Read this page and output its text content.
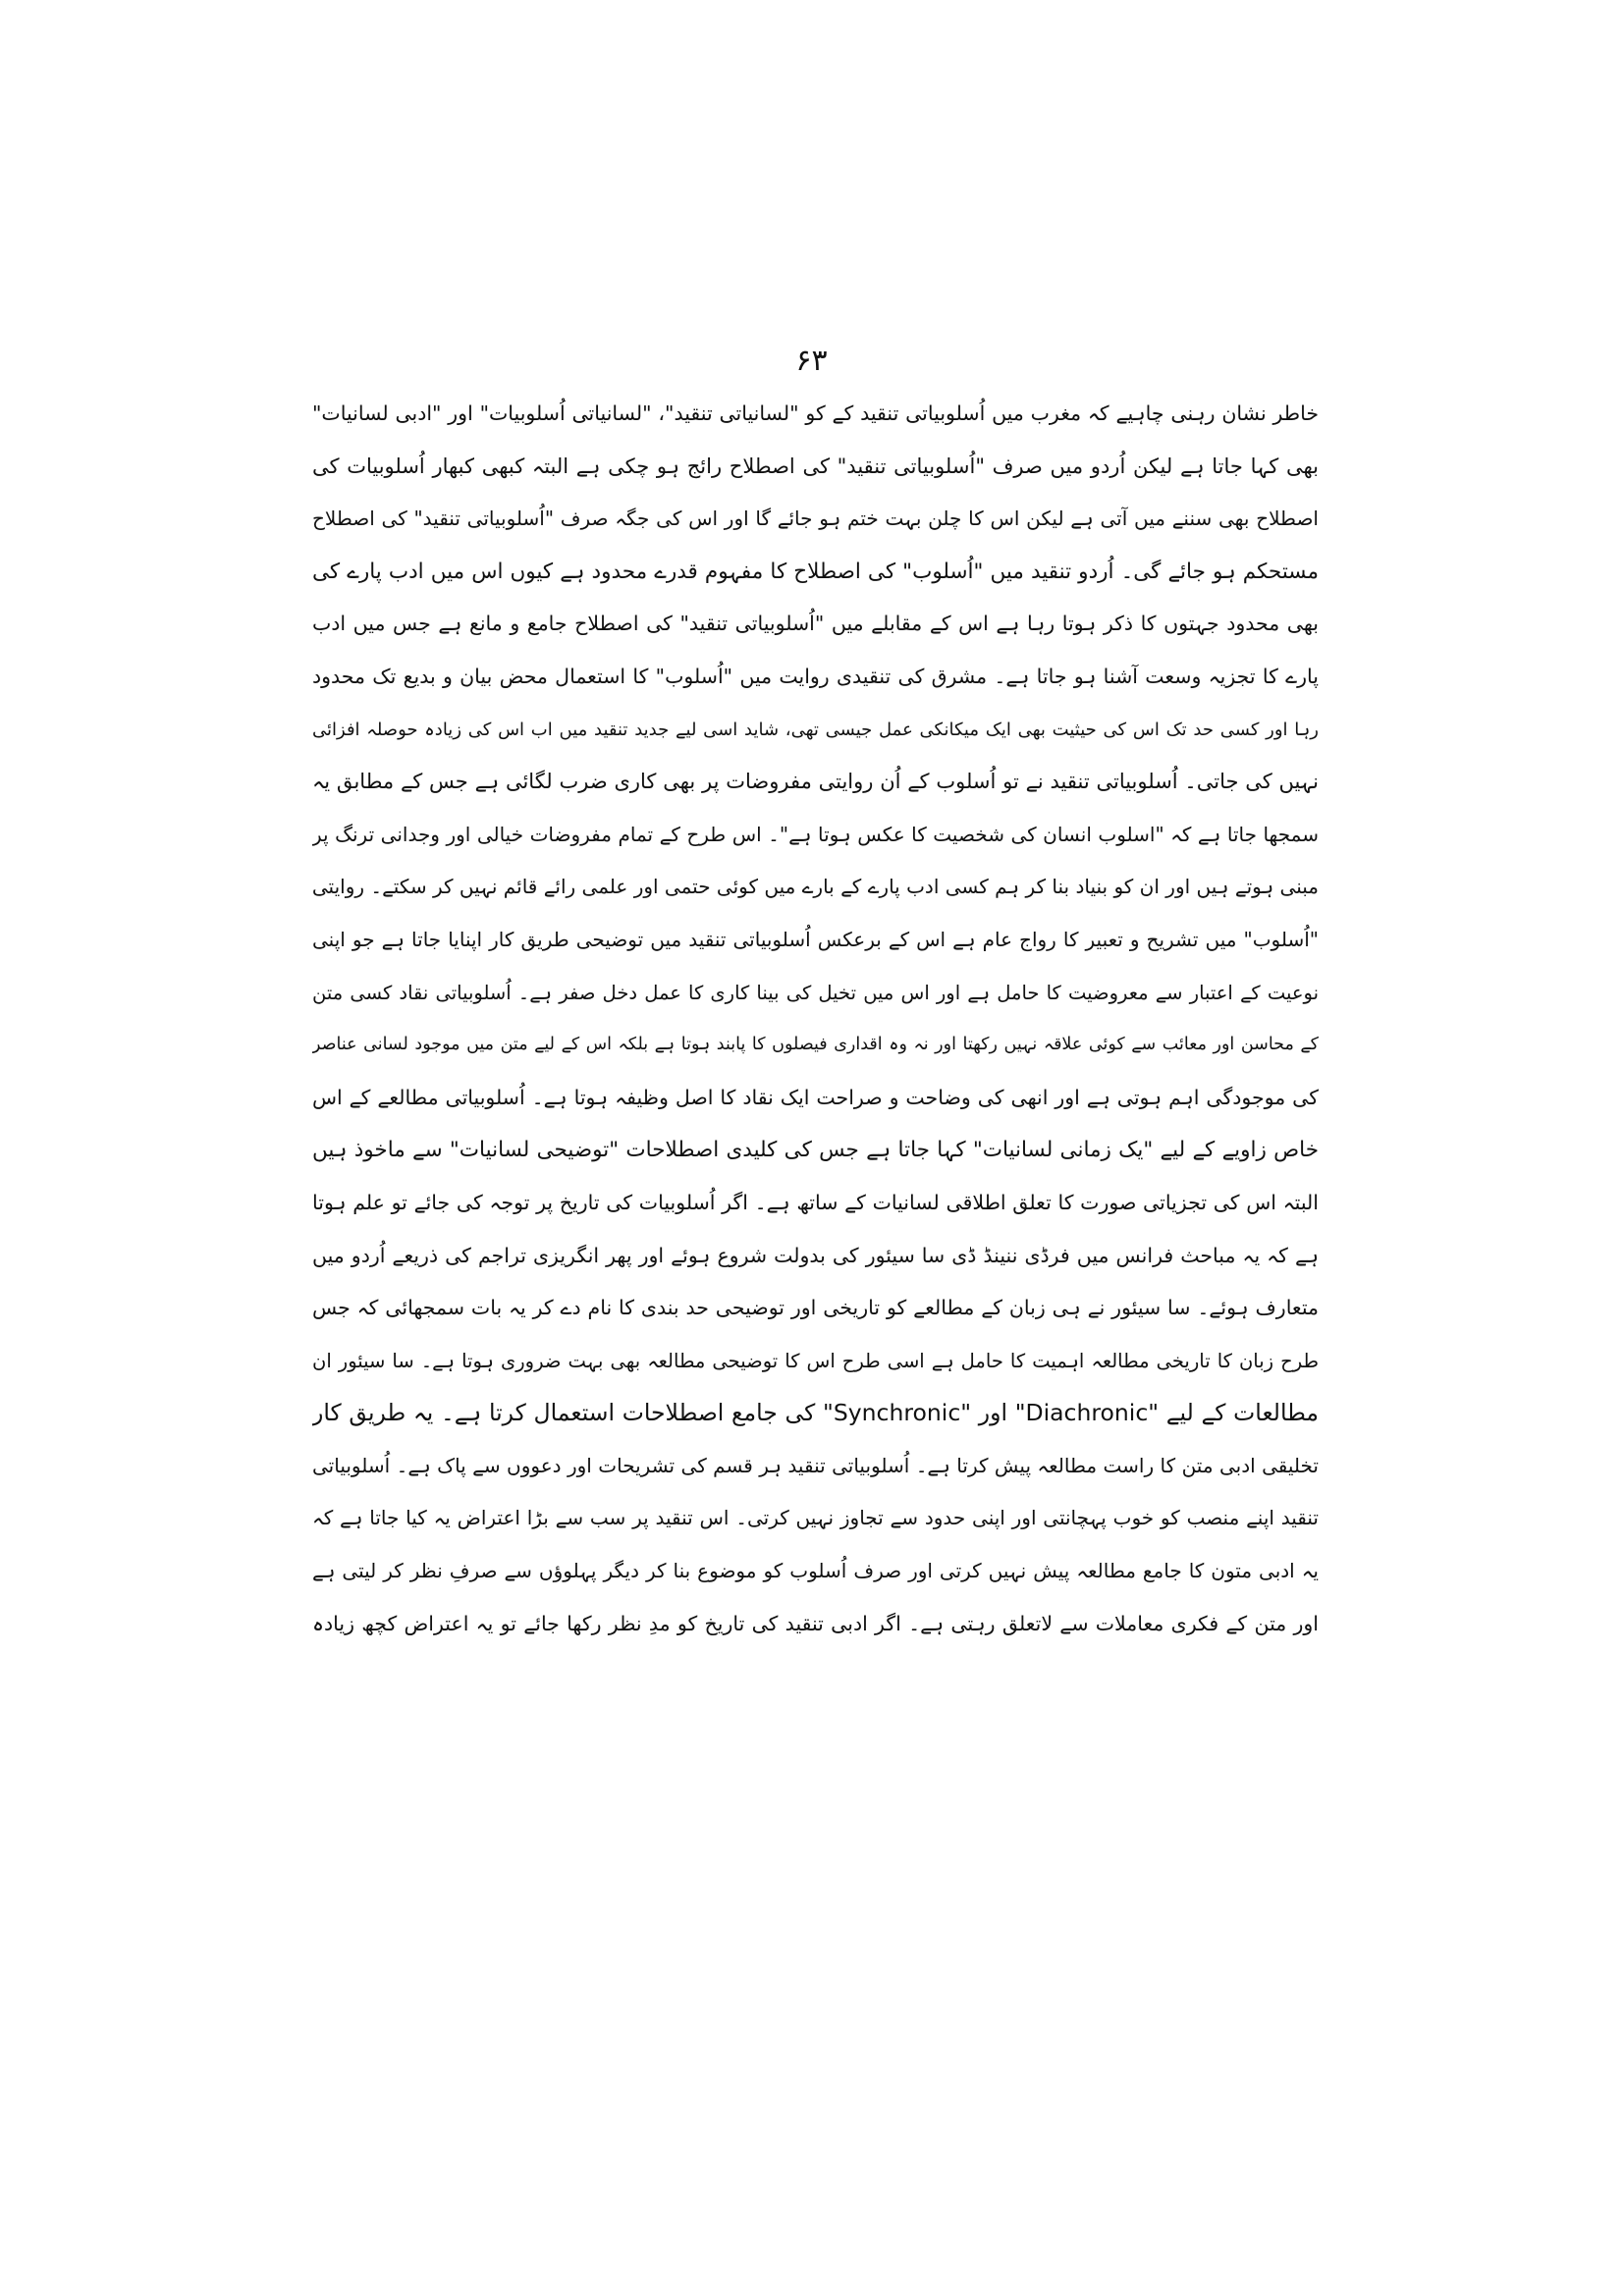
۶۳
خاطر نشان رہنی چاہیے کہ مغرب میں اُسلوبیاتی تنقید کے کو "لسانیاتی تنقید"، "لسانیاتی اُسلوبیات" اور "ادبی لسانیات"
بھی کہا جاتا ہے لیکن اُردو میں صرف "اُسلوبیاتی تنقید" کی اصطلاح رائج ہو چکی ہے البتہ کبھی کبھار اُسلوبیات کی
اصطلاح بھی سننے میں آتی ہے لیکن اس کا چلن بہت ختم ہو جائے گا اور اس کی جگہ صرف "اُسلوبیاتی تنقید" کی اصطلاح
مستحکم ہو جائے گی۔ اُردو تنقید میں "اُسلوب" کی اصطلاح کا مفہوم قدرے محدود ہے کیوں اس میں ادب پارے کی
بھی محدود جہتوں کا ذکر ہوتا رہا ہے اس کے مقابلے میں "اُسلوبیاتی تنقید" کی اصطلاح جامع و مانع ہے جس میں ادب
پارے کا تجزیہ وسعت آشنا ہو جاتا ہے۔ مشرق کی تنقیدی روایت میں "اُسلوب" کا استعمال محض بیان و بدیع تک محدود
رہا اور کسی حد تک اس کی حیثیت بھی ایک میکانکی عمل جیسی تھی، شاید اسی لیے جدید تنقید میں اب اس کی زیادہ حوصلہ افزائی
نہیں کی جاتی۔ اُسلوبیاتی تنقید نے تو اُسلوب کے اُن روایتی مفروضات پر بھی کاری ضرب لگائی ہے جس کے مطابق یہ
سمجھا جاتا ہے کہ "اسلوب انسان کی شخصیت کا عکس ہوتا ہے"۔ اس طرح کے تمام مفروضات خیالی اور وجدانی ترنگ پر
مبنی ہوتے ہیں اور ان کو بنیاد بنا کر ہم کسی ادب پارے کے بارے میں کوئی حتمی اور علمی رائے قائم نہیں کر سکتے۔ روایتی
"اُسلوب" میں تشریح و تعبیر کا رواج عام ہے اس کے برعکس اُسلوبیاتی تنقید میں توضیحی طریق کار اپنایا جاتا ہے جو اپنی
نوعیت کے اعتبار سے معروضیت کا حامل ہے اور اس میں تخیل کی بینا کاری کا عمل دخل صفر ہے۔ اُسلوبیاتی نقاد کسی متن
کے محاسن اور معائب سے کوئی علاقہ نہیں رکھتا اور نہ وہ اقداری فیصلوں کا پابند ہوتا ہے بلکہ اس کے لیے متن میں موجود لسانی عناصر
کی موجودگی اہم ہوتی ہے اور انھی کی وضاحت و صراحت ایک نقاد کا اصل وظیفہ ہوتا ہے۔ اُسلوبیاتی مطالعے کے اس
خاص زاویے کے لیے "یک زمانی لسانیات" کہا جاتا ہے جس کی کلیدی اصطلاحات "توضیحی لسانیات" سے ماخوذ ہیں
البتہ اس کی تجزیاتی صورت کا تعلق اطلاقی لسانیات کے ساتھ ہے۔ اگر اُسلوبیات کی تاریخ پر توجہ کی جائے تو علم ہوتا
ہے کہ یہ مباحث فرانس میں فرڈی ننینڈ ڈی سا سیئور کی بدولت شروع ہوئے اور پھر انگریزی تراجم کی ذریعے اُردو میں
متعارف ہوئے۔ سا سیئور نے ہی زبان کے مطالعے کو تاریخی اور توضیحی حد بندی کا نام دے کر یہ بات سمجھائی کہ جس
طرح زبان کا تاریخی مطالعہ اہمیت کا حامل ہے اسی طرح اس کا توضیحی مطالعہ بھی بہت ضروری ہوتا ہے۔ سا سیئور ان
مطالعات کے لیے "Diachronic" اور "Synchronic" کی جامع اصطلاحات استعمال کرتا ہے۔ یہ طریق کار
تخلیقی ادبی متن کا راست مطالعہ پیش کرتا ہے۔ اُسلوبیاتی تنقید ہر قسم کی تشریحات اور دعووں سے پاک ہے۔ اُسلوبیاتی
تنقید اپنے منصب کو خوب پہچانتی اور اپنی حدود سے تجاوز نہیں کرتی۔ اس تنقید پر سب سے بڑا اعتراض یہ کیا جاتا ہے کہ
یہ ادبی متون کا جامع مطالعہ پیش نہیں کرتی اور صرف اُسلوب کو موضوع بنا کر دیگر پہلوؤں سے صرفِ نظر کر لیتی ہے
اور متن کے فکری معاملات سے لاتعلق رہتی ہے۔ اگر ادبی تنقید کی تاریخ کو مدِ نظر رکھا جائے تو یہ اعتراض کچھ زیادہ
